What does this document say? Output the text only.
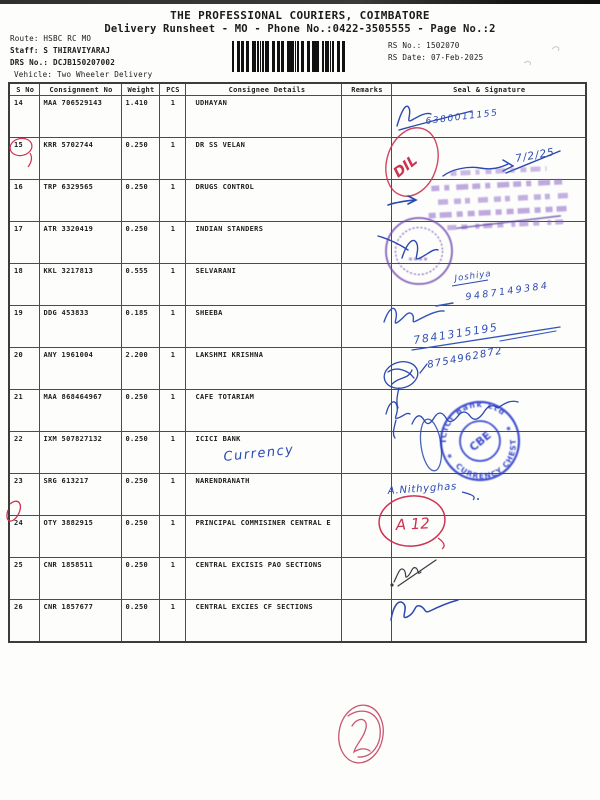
THE PROFESSIONAL COURIERS, COIMBATORE
Delivery Runsheet - MO - Phone No.:0422-3505555 - Page No.:2
Route: HSBC RC MO
Staff: S THIRAVIYARAJ
DRS No.: DCJB150207002
Vehicle: Two Wheeler Delivery
RS No.: 1502070
RS Date: 07-Feb-2025
S No	Consignment No	Weight	PCS	Consignee Details	Remarks	Seal & Signature
14	MAA 706529143	1.410	1	UDHAYAN		
15	KRR 5702744	0.250	1	DR SS VELAN		
16	TRP 6329565	0.250	1	DRUGS CONTROL		
17	ATR 3320419	0.250	1	INDIAN STANDERS		
18	KKL 3217813	0.555	1	SELVARANI		
19	DDG 453833	0.185	1	SHEEBA		
20	ANY 1961004	2.200	1	LAKSHMI KRISHNA		
21	MAA 868464967	0.250	1	CAFE TOTARIAM		
22	IXM 507827132	0.250	1	ICICI BANK		
23	SRG 613217	0.250	1	NARENDRANATH		
24	OTY 3882915	0.250	1	PRINCIPAL COMMISINER CENTRAL E		
25	CNR 1858511	0.250	1	CENTRAL EXCISIS PAO SECTIONS		
26	CNR 1857677	0.250	1	CENTRAL EXCIES CF SECTIONS		
6380011155
DIL	7/2/25
Joshiya
9487149384
7841315195
8754962872
ICICI Bank Ltd
CURRENCY CHEST
★
★
CBE
Currency
A.Nithyghas
A 12
